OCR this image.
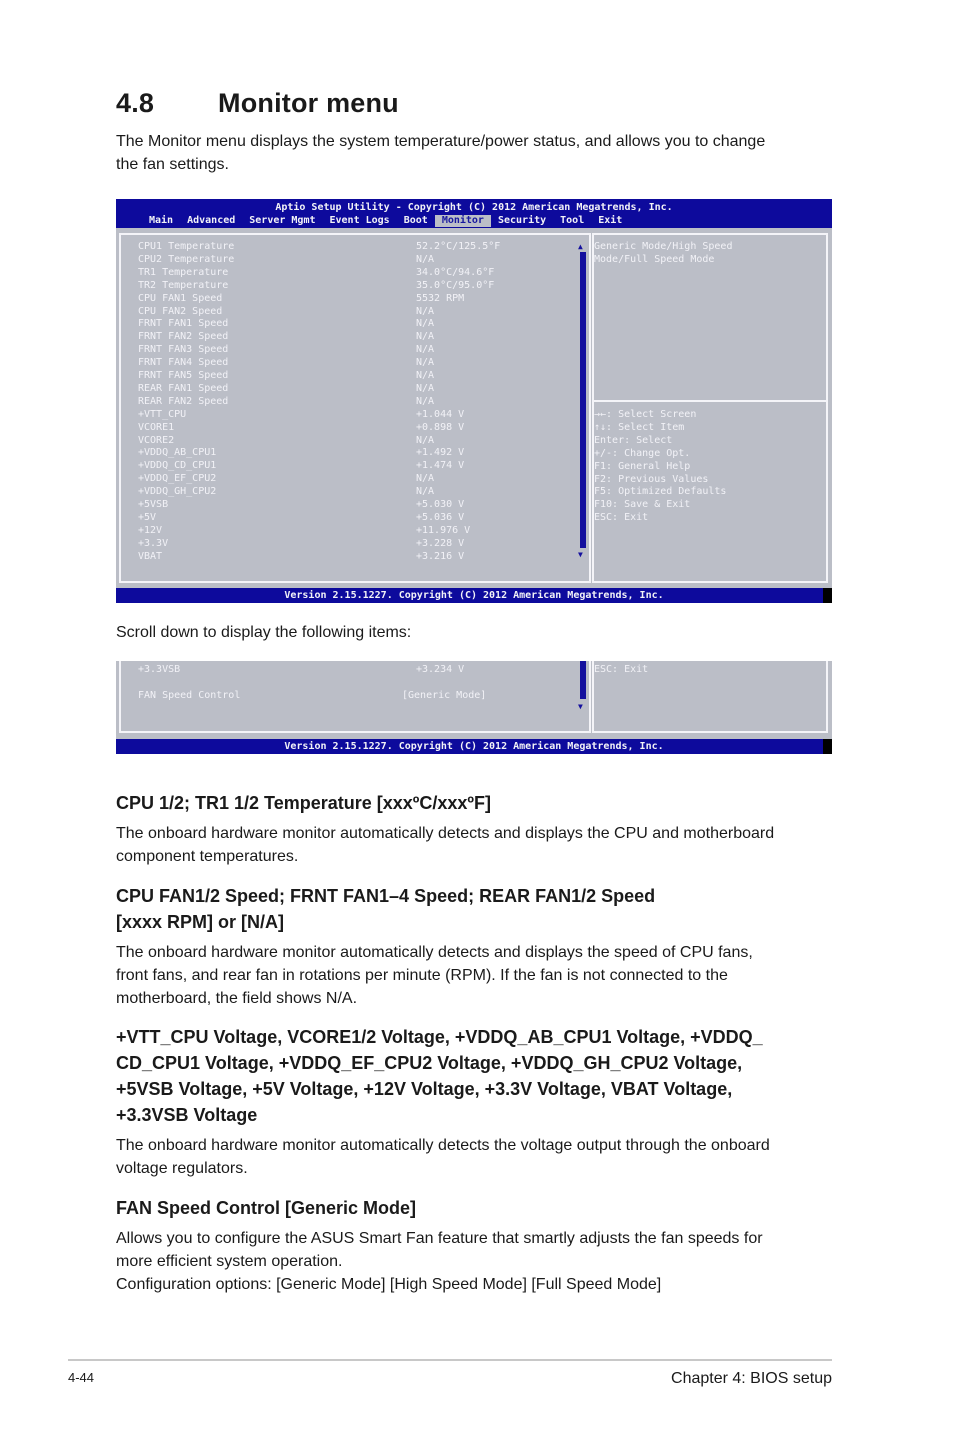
4.8 Monitor menu
The Monitor menu displays the system temperature/power status, and allows you to change
the fan settings.
Aptio Setup Utility - Copyright (C) 2012 American Megatrends, Inc.
Main	Advanced	Server Mgmt	Event Logs	Boot	Monitor	Security	Tool	Exit
CPU1 Temperature	52.2°C/125.5°F
CPU2 Temperature	N/A
TR1 Temperature	34.0°C/94.6°F
TR2 Temperature	35.0°C/95.0°F
CPU FAN1 Speed	5532 RPM
CPU FAN2 Speed	N/A
FRNT FAN1 Speed	N/A
FRNT FAN2 Speed	N/A
FRNT FAN3 Speed	N/A
FRNT FAN4 Speed	N/A
FRNT FAN5 Speed	N/A
REAR FAN1 Speed	N/A
REAR FAN2 Speed	N/A
+VTT_CPU	+1.044 V
VCORE1	+0.898 V
VCORE2	N/A
+VDDQ_AB_CPU1	+1.492 V
+VDDQ_CD_CPU1	+1.474 V
+VDDQ_EF_CPU2	N/A
+VDDQ_GH_CPU2	N/A
+5VSB	+5.030 V
+5V	+5.036 V
+12V	+11.976 V
+3.3V	+3.228 V
VBAT	+3.216 V
Generic Mode/High Speed
Mode/Full Speed Mode
→←: Select Screen
↑↓: Select Item
Enter: Select
+/-: Change Opt.
F1: General Help
F2: Previous Values
F5: Optimized Defaults
F10: Save & Exit
ESC: Exit
▲
▼
Version 2.15.1227. Copyright (C) 2012 American Megatrends, Inc.
Scroll down to display the following items:
+3.3VSB	+3.234 V
FAN Speed Control	[Generic Mode]
ESC: Exit
▼
Version 2.15.1227. Copyright (C) 2012 American Megatrends, Inc.
CPU 1/2; TR1 1/2 Temperature [xxxºC/xxxºF]
The onboard hardware monitor automatically detects and displays the CPU and motherboard
component temperatures.
CPU FAN1/2 Speed; FRNT FAN1–4 Speed; REAR FAN1/2 Speed
[xxxx RPM] or [N/A]
The onboard hardware monitor automatically detects and displays the speed of CPU fans,
front fans, and rear fan in rotations per minute (RPM). If the fan is not connected to the
motherboard, the field shows N/A.
+VTT_CPU Voltage, VCORE1/2 Voltage, +VDDQ_AB_CPU1 Voltage, +VDDQ_
CD_CPU1 Voltage, +VDDQ_EF_CPU2 Voltage, +VDDQ_GH_CPU2 Voltage,
+5VSB Voltage, +5V Voltage, +12V Voltage, +3.3V Voltage, VBAT Voltage,
+3.3VSB Voltage
The onboard hardware monitor automatically detects the voltage output through the onboard
voltage regulators.
FAN Speed Control [Generic Mode]
Allows you to configure the ASUS Smart Fan feature that smartly adjusts the fan speeds for
more efficient system operation.
Configuration options: [Generic Mode] [High Speed Mode] [Full Speed Mode]
4-44	Chapter 4: BIOS setup
